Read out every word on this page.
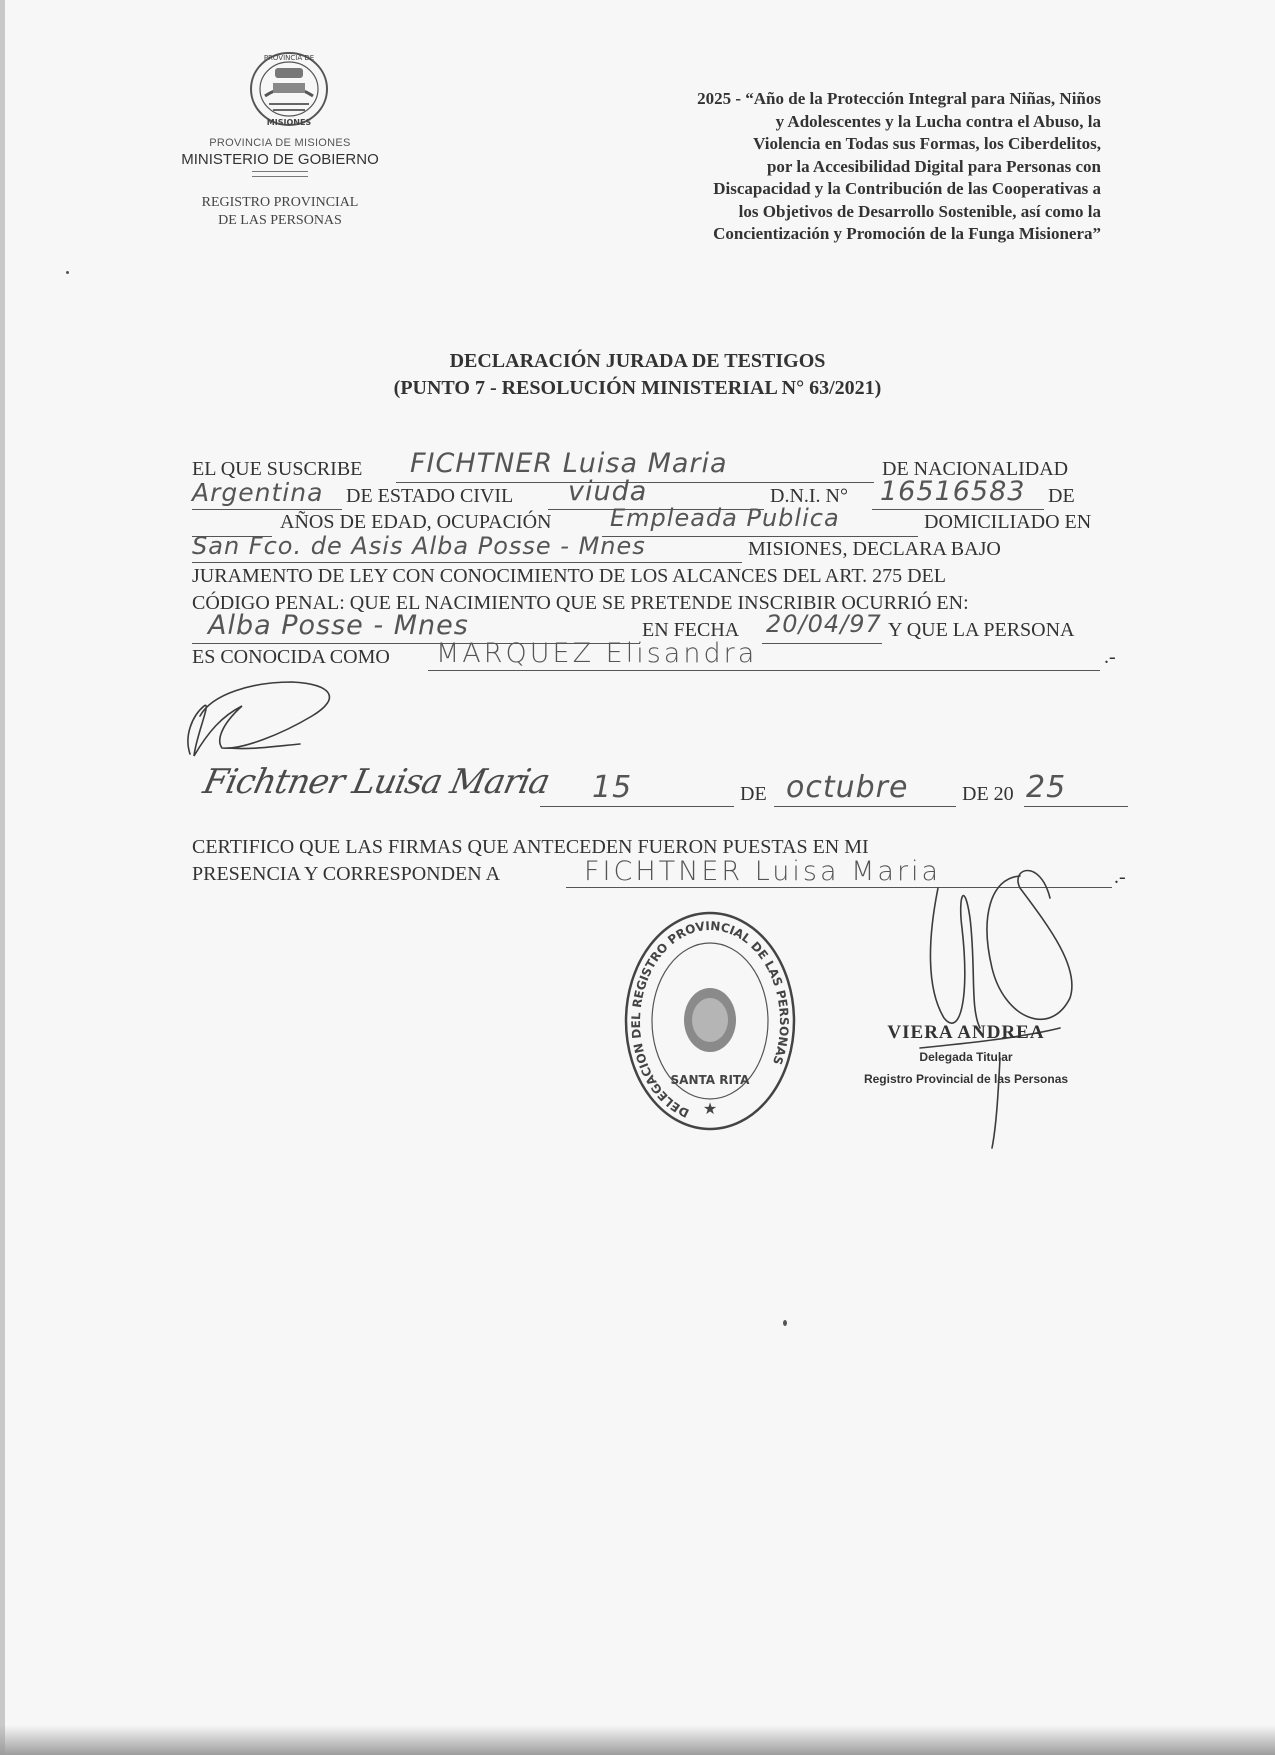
PROVINCIA DE
MISIONES
PROVINCIA DE MISIONES
MINISTERIO DE GOBIERNO
REGISTRO PROVINCIAL
DE LAS PERSONAS
2025 - “Año de la Protección Integral para Niñas, Niños
y Adolescentes y la Lucha contra el Abuso, la
Violencia en Todas sus Formas, los Ciberdelitos,
por la Accesibilidad Digital para Personas con
Discapacidad y la Contribución de las Cooperativas a
los Objetivos de Desarrollo Sostenible, así como la
Concientización y Promoción de la Funga Misionera”
DECLARACIÓN JURADA DE TESTIGOS
(PUNTO 7 - RESOLUCIÓN MINISTERIAL N° 63/2021)
EL QUE SUSCRIBE FICHTNER Luisa Maria	DE NACIONALIDAD
Argentina DE ESTADO CIVIL viuda	D.N.I. N° 16516583 DE
AÑOS DE EDAD, OCUPACIÓN Empleada Publica	DOMICILIADO EN
San Fco. de Asis Alba Posse - Mnes	MISIONES, DECLARA BAJO
JURAMENTO DE LEY CON CONOCIMIENTO DE LOS ALCANCES DEL ART. 275 DEL
CÓDIGO PENAL: QUE EL NACIMIENTO QUE SE PRETENDE INSCRIBIR OCURRIÓ EN:
Alba Posse - Mnes	EN FECHA 20/04/97 Y QUE LA PERSONA
ES CONOCIDA COMO MARQUEZ Elisandra	.-
Fichtner Luisa Maria 15	DE octubre	DE 20 25
CERTIFICO QUE LAS FIRMAS QUE ANTECEDEN FUERON PUESTAS EN MI
PRESENCIA Y CORRESPONDEN A	FICHTNER Luisa Maria	.-
DELEGACION DEL REGISTRO PROVINCIAL DE LAS PERSONAS
SANTA RITA
★
VIERA ANDREA
Delegada Titular
Registro Provincial de las Personas
